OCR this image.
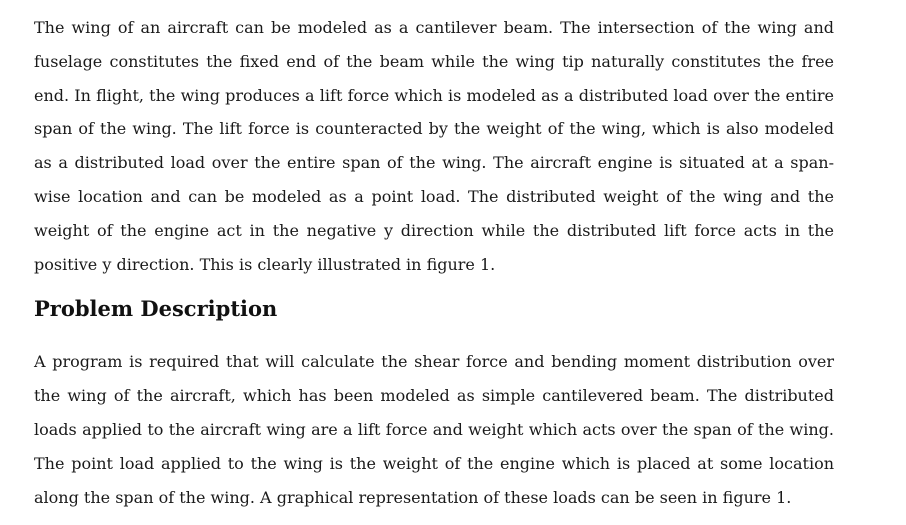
The wing of an aircraft can be modeled as a cantilever beam. The intersection of the wing and fuselage constitutes the fixed end of the beam while the wing tip naturally constitutes the free end. In flight, the wing produces a lift force which is modeled as a distributed load over the entire span of the wing. The lift force is counteracted by the weight of the wing, which is also modeled as a distributed load over the entire span of the wing. The aircraft engine is situated at a span-wise location and can be modeled as a point load. The distributed weight of the wing and the weight of the engine act in the negative y direction while the distributed lift force acts in the positive y direction. This is clearly illustrated in figure 1.

Problem Description

A program is required that will calculate the shear force and bending moment distribution over the wing of the aircraft, which has been modeled as simple cantilevered beam. The distributed loads applied to the aircraft wing are a lift force and weight which acts over the span of the wing. The point load applied to the wing is the weight of the engine which is placed at some location along the span of the wing. A graphical representation of these loads can be seen in figure 1.
